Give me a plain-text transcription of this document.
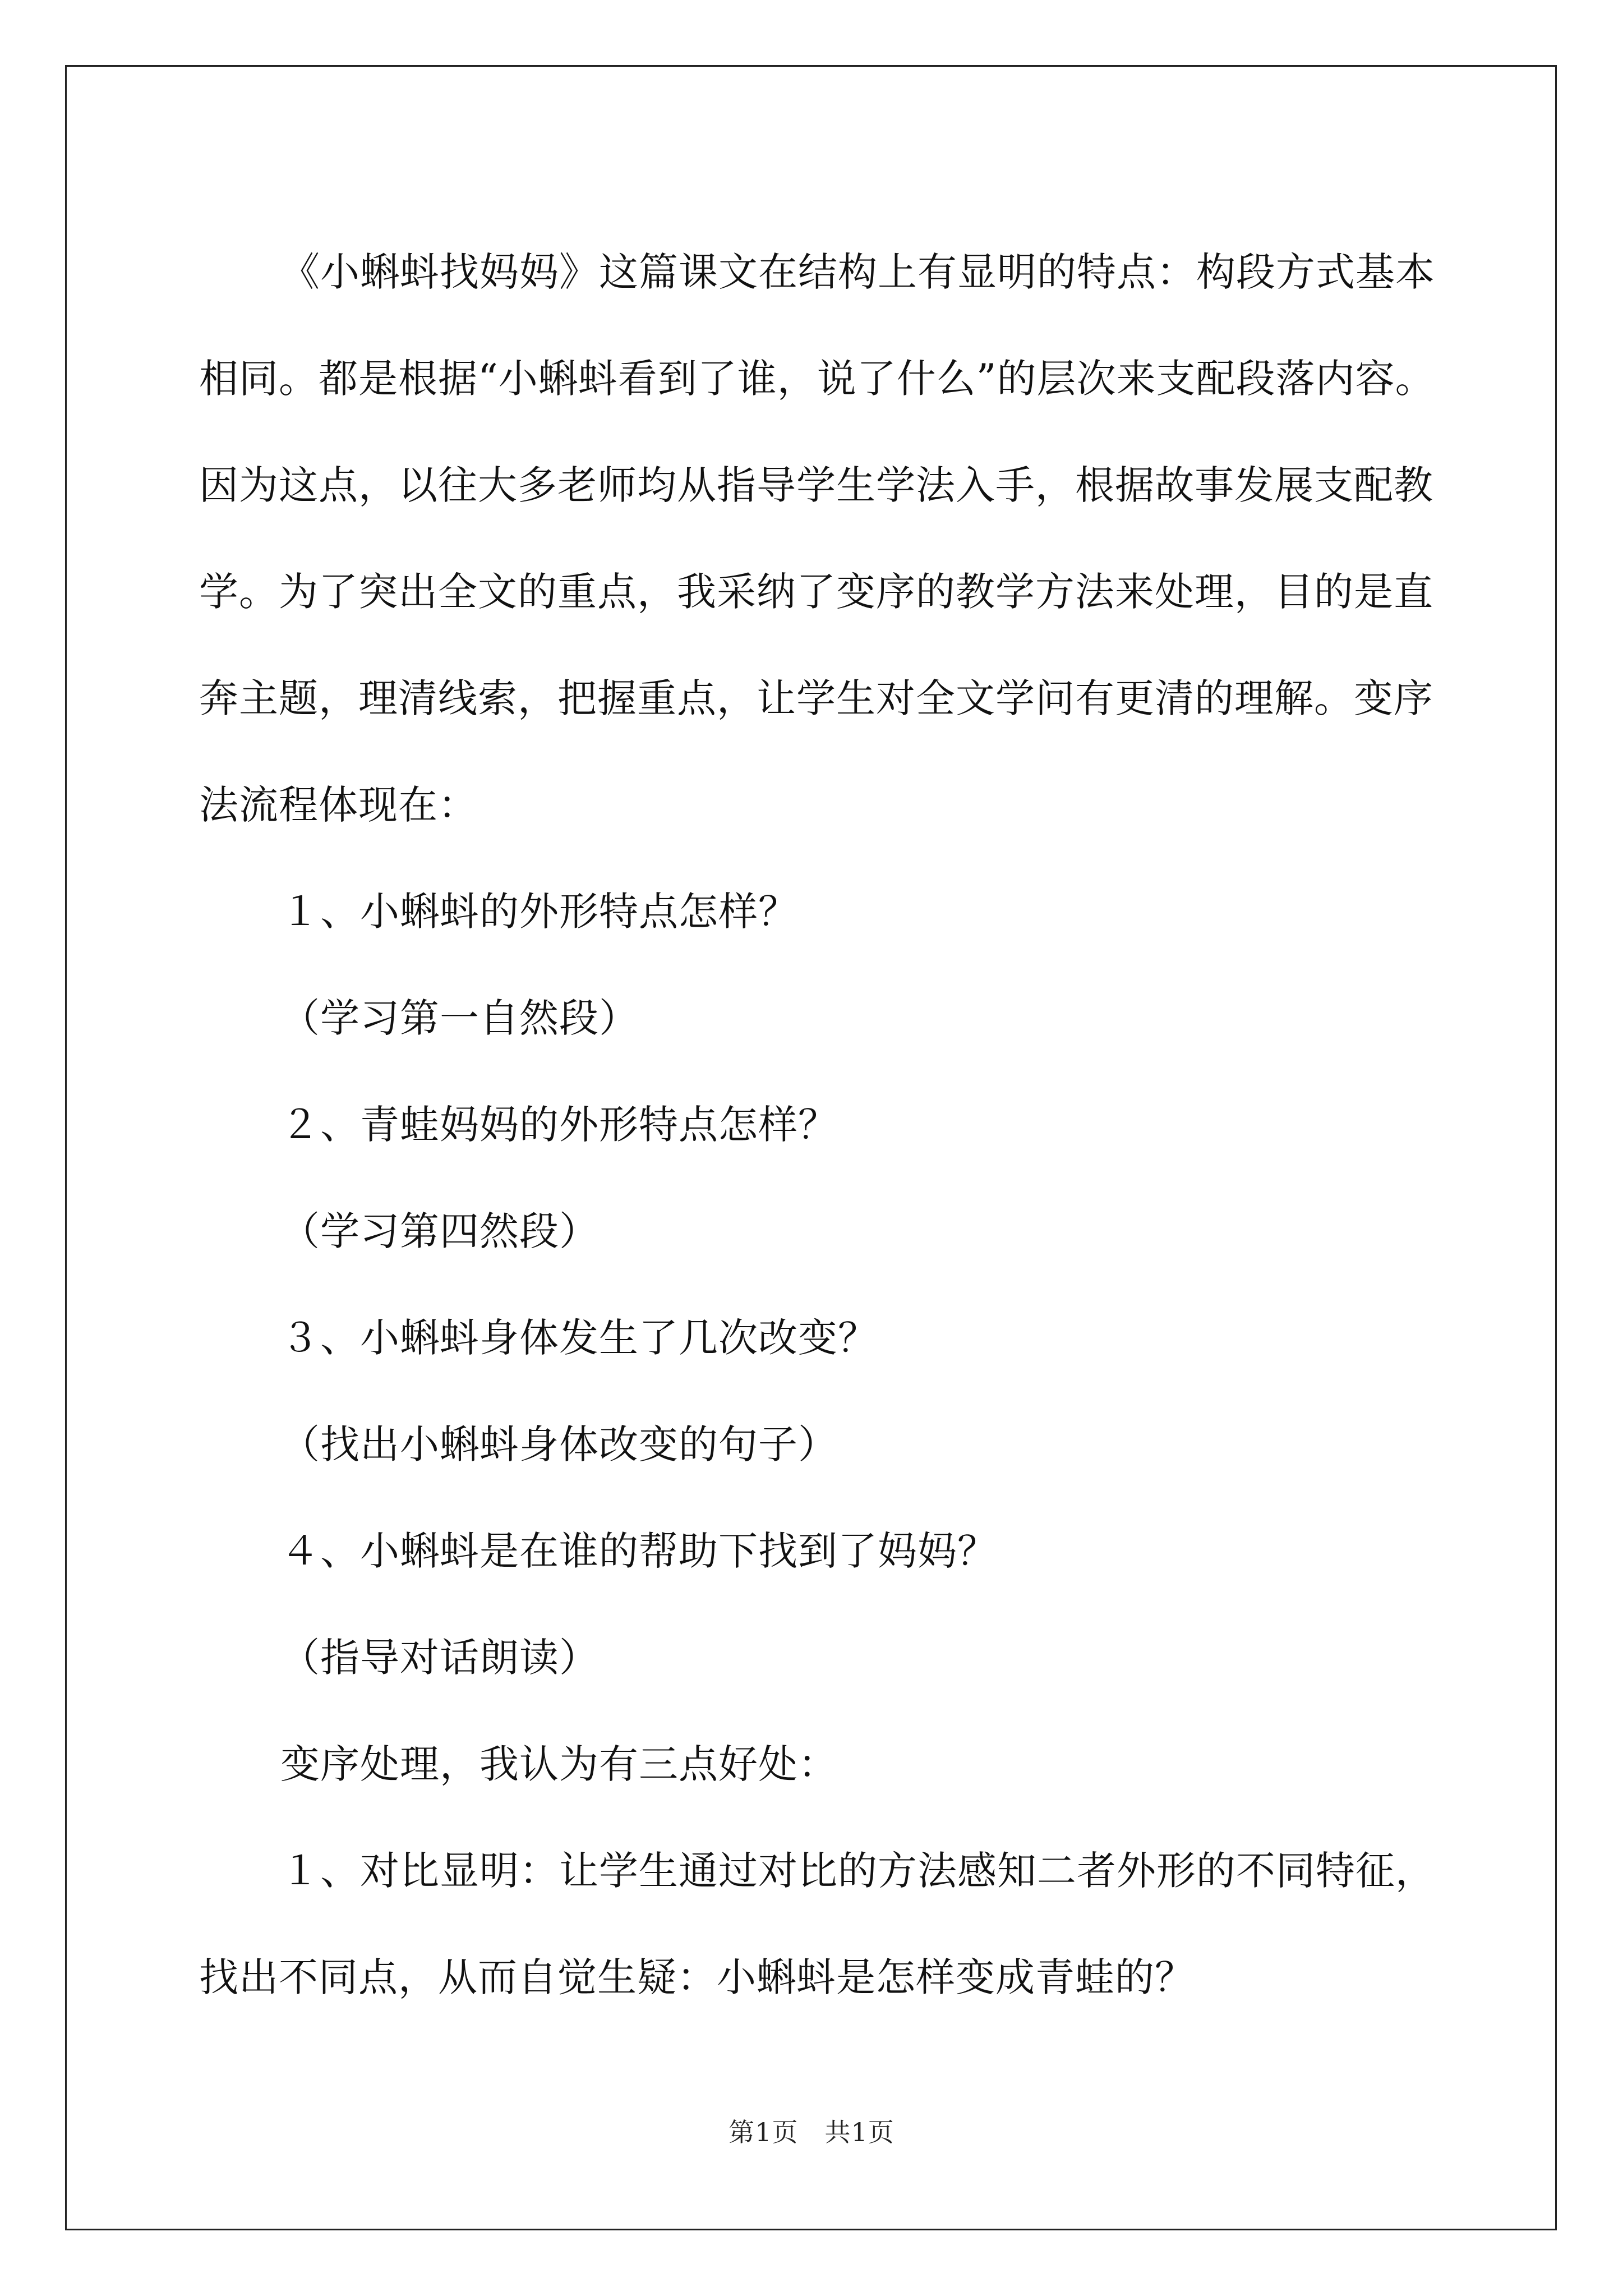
《小蝌蚪找妈妈》这篇课文在结构上有显明的特点：构段方式基本相同。都是根据“小蝌蚪看到了谁，说了什么”的层次来支配段落内容。因为这点，以往大多老师均从指导学生学法入手，根据故事发展支配教学。为了突出全文的重点，我采纳了变序的教学方法来处理，目的是直奔主题，理清线索，把握重点，让学生对全文学问有更清的理解。变序法流程体现在：

１、小蝌蚪的外形特点怎样？

（学习第一自然段）

２、青蛙妈妈的外形特点怎样？

（学习第四然段）

３、小蝌蚪身体发生了几次改变？

（找出小蝌蚪身体改变的句子）

４、小蝌蚪是在谁的帮助下找到了妈妈？

（指导对话朗读）

变序处理，我认为有三点好处：

１、对比显明：让学生通过对比的方法感知二者外形的不同特征，找出不同点，从而自觉生疑：小蝌蚪是怎样变成青蛙的？

第1页　共1页
